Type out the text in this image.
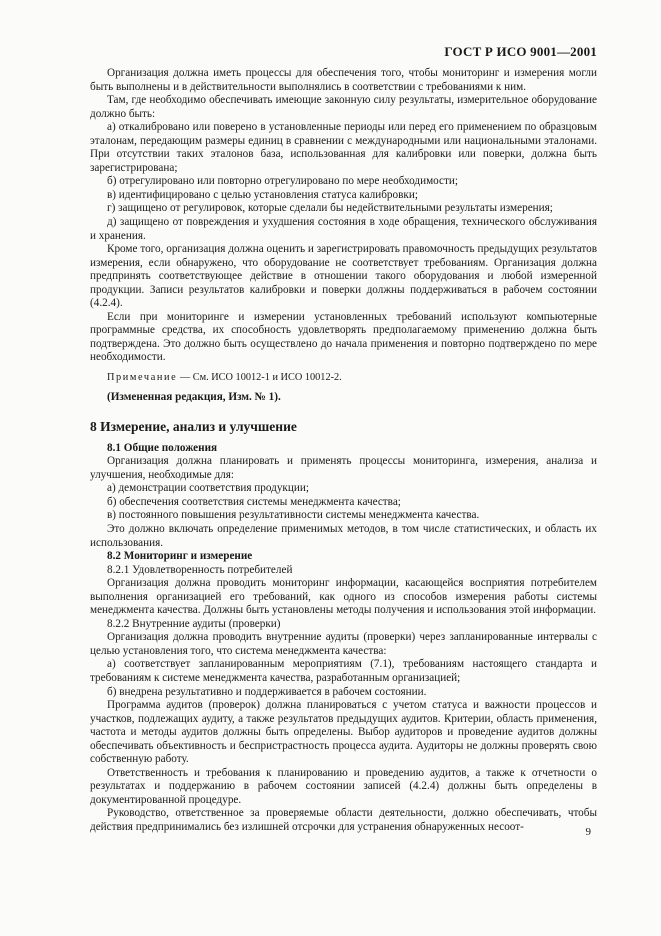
ГОСТ Р ИСО 9001—2001

Организация должна иметь процессы для обеспечения того, чтобы мониторинг и измерения могли быть выполнены и в действительности выполнялись в соответствии с требованиями к ним.

Там, где необходимо обеспечивать имеющие законную силу результаты, измерительное оборудование должно быть:

а) откалибровано или поверено в установленные периоды или перед его применением по образцовым эталонам, передающим размеры единиц в сравнении с международными или национальными эталонами. При отсутствии таких эталонов база, использованная для калибровки или поверки, должна быть зарегистрирована;

б) отрегулировано или повторно отрегулировано по мере необходимости;

в) идентифицировано с целью установления статуса калибровки;

г) защищено от регулировок, которые сделали бы недействительными результаты измерения;

д) защищено от повреждения и ухудшения состояния в ходе обращения, технического обслуживания и хранения.

Кроме того, организация должна оценить и зарегистрировать правомочность предыдущих результатов измерения, если обнаружено, что оборудование не соответствует требованиям. Организация должна предпринять соответствующее действие в отношении такого оборудования и любой измеренной продукции. Записи результатов калибровки и поверки должны поддерживаться в рабочем состоянии (4.2.4).

Если при мониторинге и измерении установленных требований используют компьютерные программные средства, их способность удовлетворять предполагаемому применению должна быть подтверждена. Это должно быть осуществлено до начала применения и повторно подтверждено по мере необходимости.

Примечание — См. ИСО 10012-1 и ИСО 10012-2.

(Измененная редакция, Изм. № 1).

8 Измерение, анализ и улучшение
8.1 Общие положения

Организация должна планировать и применять процессы мониторинга, измерения, анализа и улучшения, необходимые для:

а) демонстрации соответствия продукции;

б) обеспечения соответствия системы менеджмента качества;

в) постоянного повышения результативности системы менеджмента качества.

Это должно включать определение применимых методов, в том числе статистических, и область их использования.

8.2 Мониторинг и измерение

8.2.1 Удовлетворенность потребителей

Организация должна проводить мониторинг информации, касающейся восприятия потребителем выполнения организацией его требований, как одного из способов измерения работы системы менеджмента качества. Должны быть установлены методы получения и использования этой информации.

8.2.2 Внутренние аудиты (проверки)

Организация должна проводить внутренние аудиты (проверки) через запланированные интервалы с целью установления того, что система менеджмента качества:

а) соответствует запланированным мероприятиям (7.1), требованиям настоящего стандарта и требованиям к системе менеджмента качества, разработанным организацией;

б) внедрена результативно и поддерживается в рабочем состоянии.

Программа аудитов (проверок) должна планироваться с учетом статуса и важности процессов и участков, подлежащих аудиту, а также результатов предыдущих аудитов. Критерии, область применения, частота и методы аудитов должны быть определены. Выбор аудиторов и проведение аудитов должны обеспечивать объективность и беспристрастность процесса аудита. Аудиторы не должны проверять свою собственную работу.

Ответственность и требования к планированию и проведению аудитов, а также к отчетности о результатах и поддержанию в рабочем состоянии записей (4.2.4) должны быть определены в документированной процедуре.

Руководство, ответственное за проверяемые области деятельности, должно обеспечивать, чтобы действия предпринимались без излишней отсрочки для устранения обнаруженных несоот-	9
